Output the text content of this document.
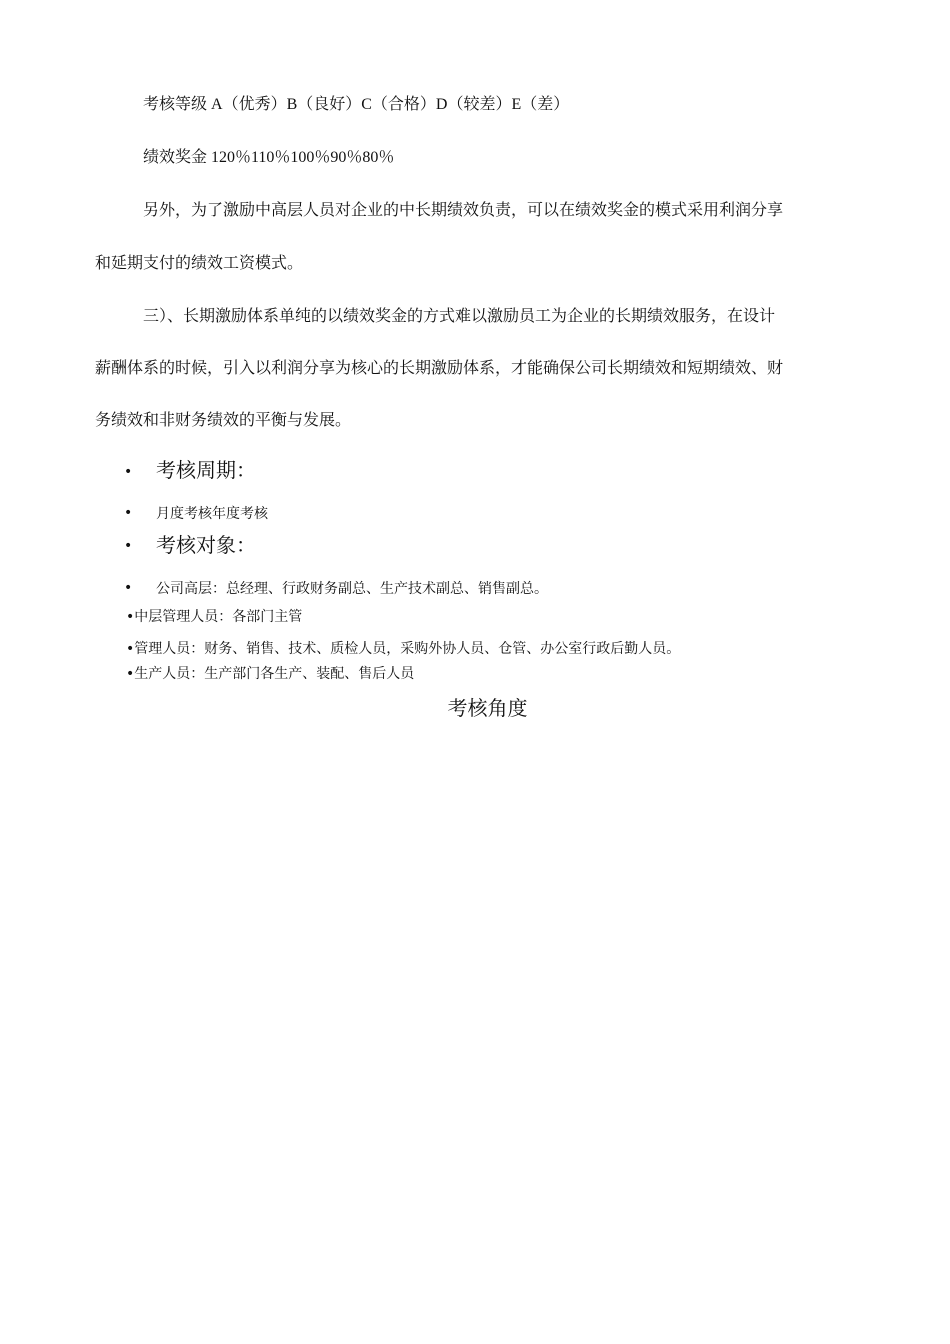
考核等级 A（优秀）B（良好）C（合格）D（较差）E（差）
绩效奖金 120％110％100％90％80％
另外，为了激励中高层人员对企业的中长期绩效负责，可以在绩效奖金的模式采用利润分享
和延期支付的绩效工资模式。
三）、长期激励体系单纯的以绩效奖金的方式难以激励员工为企业的长期绩效服务，在设计
薪酬体系的时候，引入以利润分享为核心的长期激励体系，才能确保公司长期绩效和短期绩效、财
务绩效和非财务绩效的平衡与发展。
• 考核周期：
• 月度考核年度考核
• 考核对象：
• 公司高层：总经理、行政财务副总、生产技术副总、销售副总。
•中层管理人员：各部门主管
•管理人员：财务、销售、技术、质检人员，采购外协人员、仓管、办公室行政后勤人员。
•生产人员：生产部门各生产、装配、售后人员
考核角度
